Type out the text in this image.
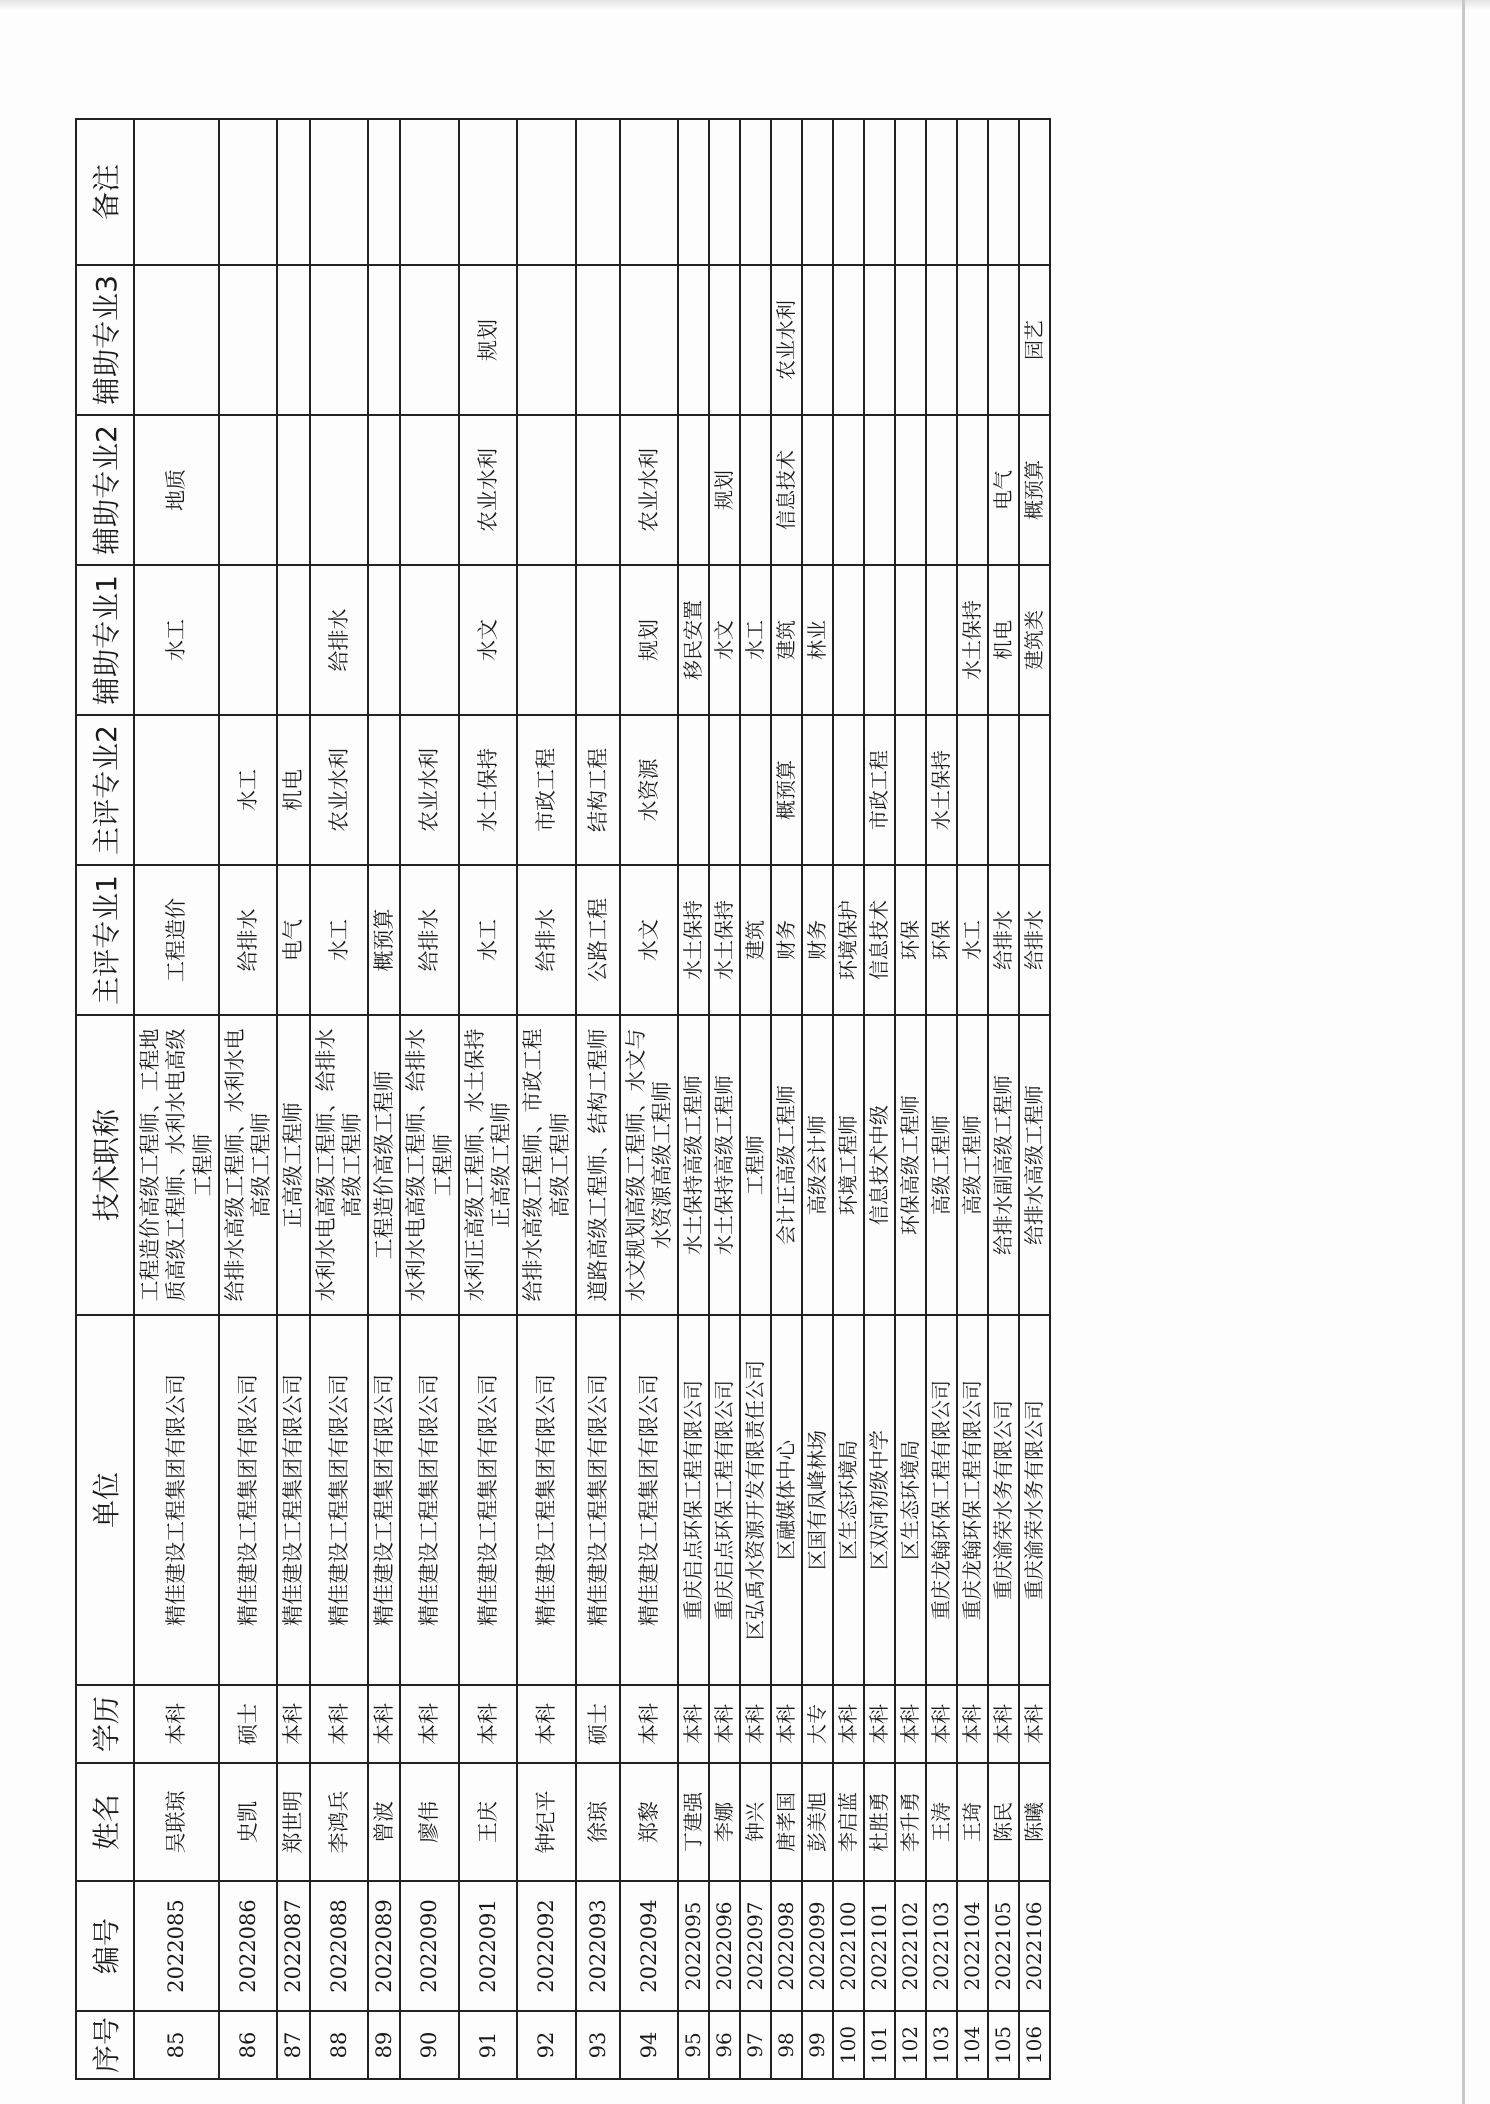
序号	编号	姓名	学历	单位	技术职称	主评专业1	主评专业2	辅助专业1	辅助专业2	辅助专业3	备注
85	2022085	吴联琼	本科	精佳建设工程集团有限公司	工程造价高级工程师、工程地质高级工程师、水利水电高级工程师	工程造价		水工	地质		
86	2022086	史凯	硕士	精佳建设工程集团有限公司	给排水高级工程师、水利水电高级工程师	给排水	水工				
87	2022087	郑世明	本科	精佳建设工程集团有限公司	正高级工程师	电气	机电				
88	2022088	李鸿兵	本科	精佳建设工程集团有限公司	水利水电高级工程师、给排水高级工程师	水工	农业水利	给排水			
89	2022089	曾波	本科	精佳建设工程集团有限公司	工程造价高级工程师	概预算					
90	2022090	廖伟	本科	精佳建设工程集团有限公司	水利水电高级工程师、给排水工程师	给排水	农业水利				
91	2022091	王庆	本科	精佳建设工程集团有限公司	水利正高级工程师、水土保持正高级工程师	水工	水土保持	水文	农业水利	规划	
92	2022092	钟纪平	本科	精佳建设工程集团有限公司	给排水高级工程师、市政工程高级工程师	给排水	市政工程				
93	2022093	徐琼	硕士	精佳建设工程集团有限公司	道路高级工程师、结构工程师	公路工程	结构工程				
94	2022094	郑黎	本科	精佳建设工程集团有限公司	水文规划高级工程师、水文与水资源高级工程师	水文	水资源	规划	农业水利		
95	2022095	丁建强	本科	重庆启点环保工程有限公司	水土保持高级工程师	水土保持		移民安置			
96	2022096	李娜	本科	重庆启点环保工程有限公司	水土保持高级工程师	水土保持		水文	规划		
97	2022097	钟兴	本科	区弘禹水资源开发有限责任公司	工程师	建筑		水工			
98	2022098	唐孝国	本科	区融媒体中心	会计正高级工程师	财务	概预算	建筑	信息技术	农业水利	
99	2022099	彭美旭	大专	区国有凤峰林场	高级会计师	财务		林业			
100	2022100	李启蓝	本科	区生态环境局	环境工程师	环境保护					
101	2022101	杜胜勇	本科	区双河初级中学	信息技术中级	信息技术	市政工程				
102	2022102	李升勇	本科	区生态环境局	环保高级工程师	环保					
103	2022103	王涛	本科	重庆龙翰环保工程有限公司	高级工程师	环保	水土保持				
104	2022104	王琦	本科	重庆龙翰环保工程有限公司	高级工程师	水工		水土保持			
105	2022105	陈民	本科	重庆渝荣水务有限公司	给排水副高级工程师	给排水		机电	电气		
106	2022106	陈曦	本科	重庆渝荣水务有限公司	给排水高级工程师	给排水		建筑类	概预算	园艺	
